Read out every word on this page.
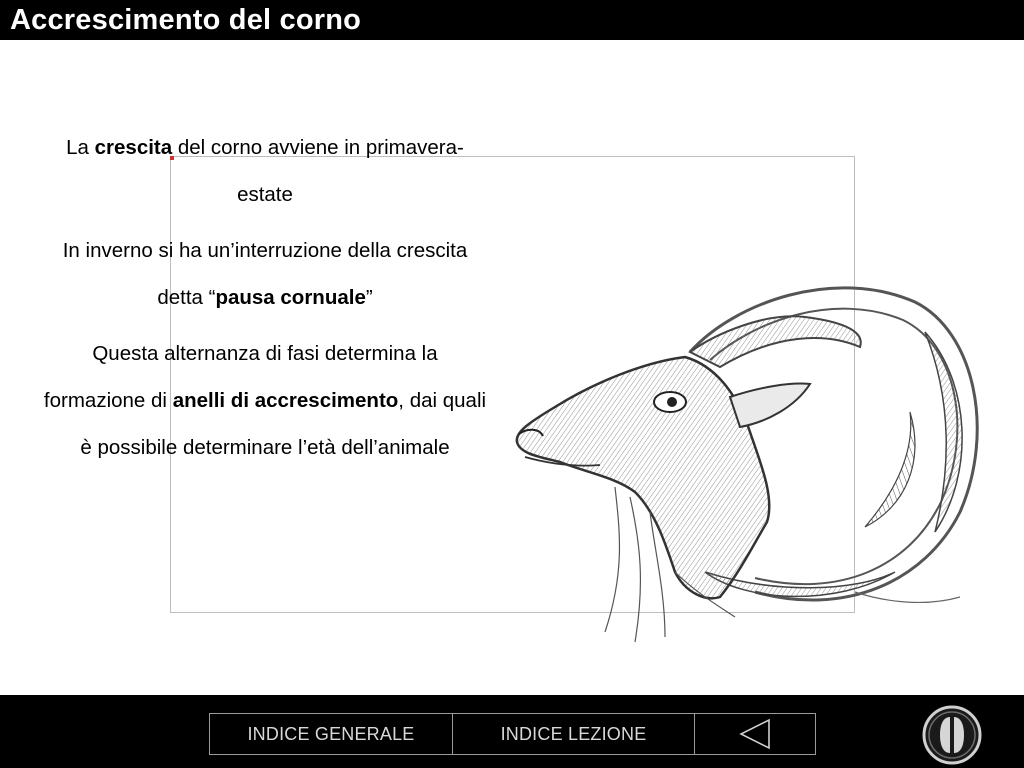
Accrescimento del corno

La crescita del corno avviene in primavera-estate

In inverno si ha un’interruzione della crescita detta “pausa cornuale”

Questa alternanza di fasi determina la formazione di anelli di accrescimento, dai quali è possibile determinare l’età dell’animale

INDICE GENERALE	INDICE LEZIONE
